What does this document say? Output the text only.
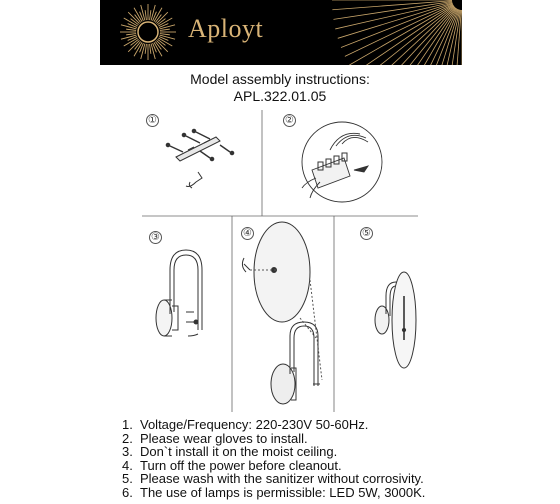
Aployt
Model assembly instructions:
APL.322.01.05
①	②
③	④	⑤
1. Voltage/Frequency: 220-230V 50-60Hz.
2. Please wear gloves to install.
3. Don`t install it on the moist ceiling.
4. Turn off the power before cleanout.
5. Please wash with the sanitizer without corrosivity.
6. The use of lamps is permissible: LED 5W, 3000K.
